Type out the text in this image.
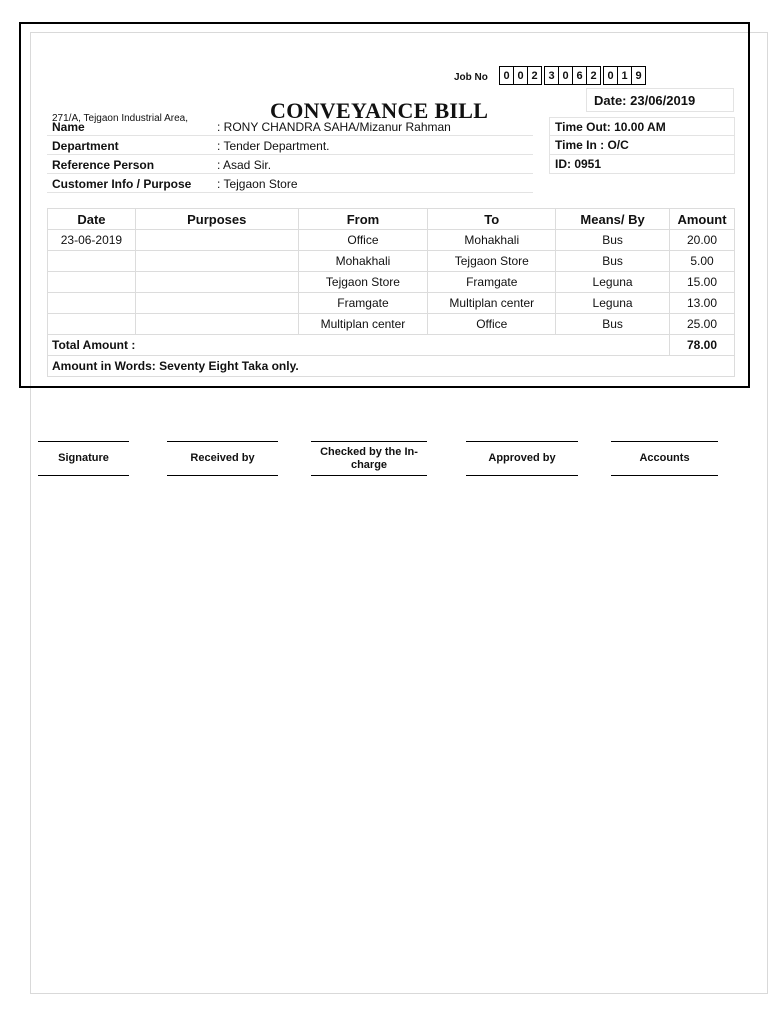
Job No	0 0 2 3 0 6 2 0 1 9
Date: 23/06/2019
271/A, Tejgaon Industrial Area,	CONVEYANCE BILL
Name	: RONY CHANDRA SAHA/Mizanur Rahman
Department	: Tender Department.
Reference Person	: Asad Sir.
Customer Info / Purpose	: Tejgaon Store
Time Out: 10.00 AM
Time In : O/C
ID: 0951
Date	Purposes	From	To	Means/ By	Amount
23-06-2019		Office	Mohakhali	Bus	20.00
		Mohakhali	Tejgaon Store	Bus	5.00
		Tejgaon Store	Framgate	Leguna	15.00
		Framgate	Multiplan center	Leguna	13.00
		Multiplan center	Office	Bus	25.00
Total Amount :					78.00
Amount in Words: Seventy Eight Taka only.					
Signature	Received by
Checked by the In-charge
Approved by	Accounts
